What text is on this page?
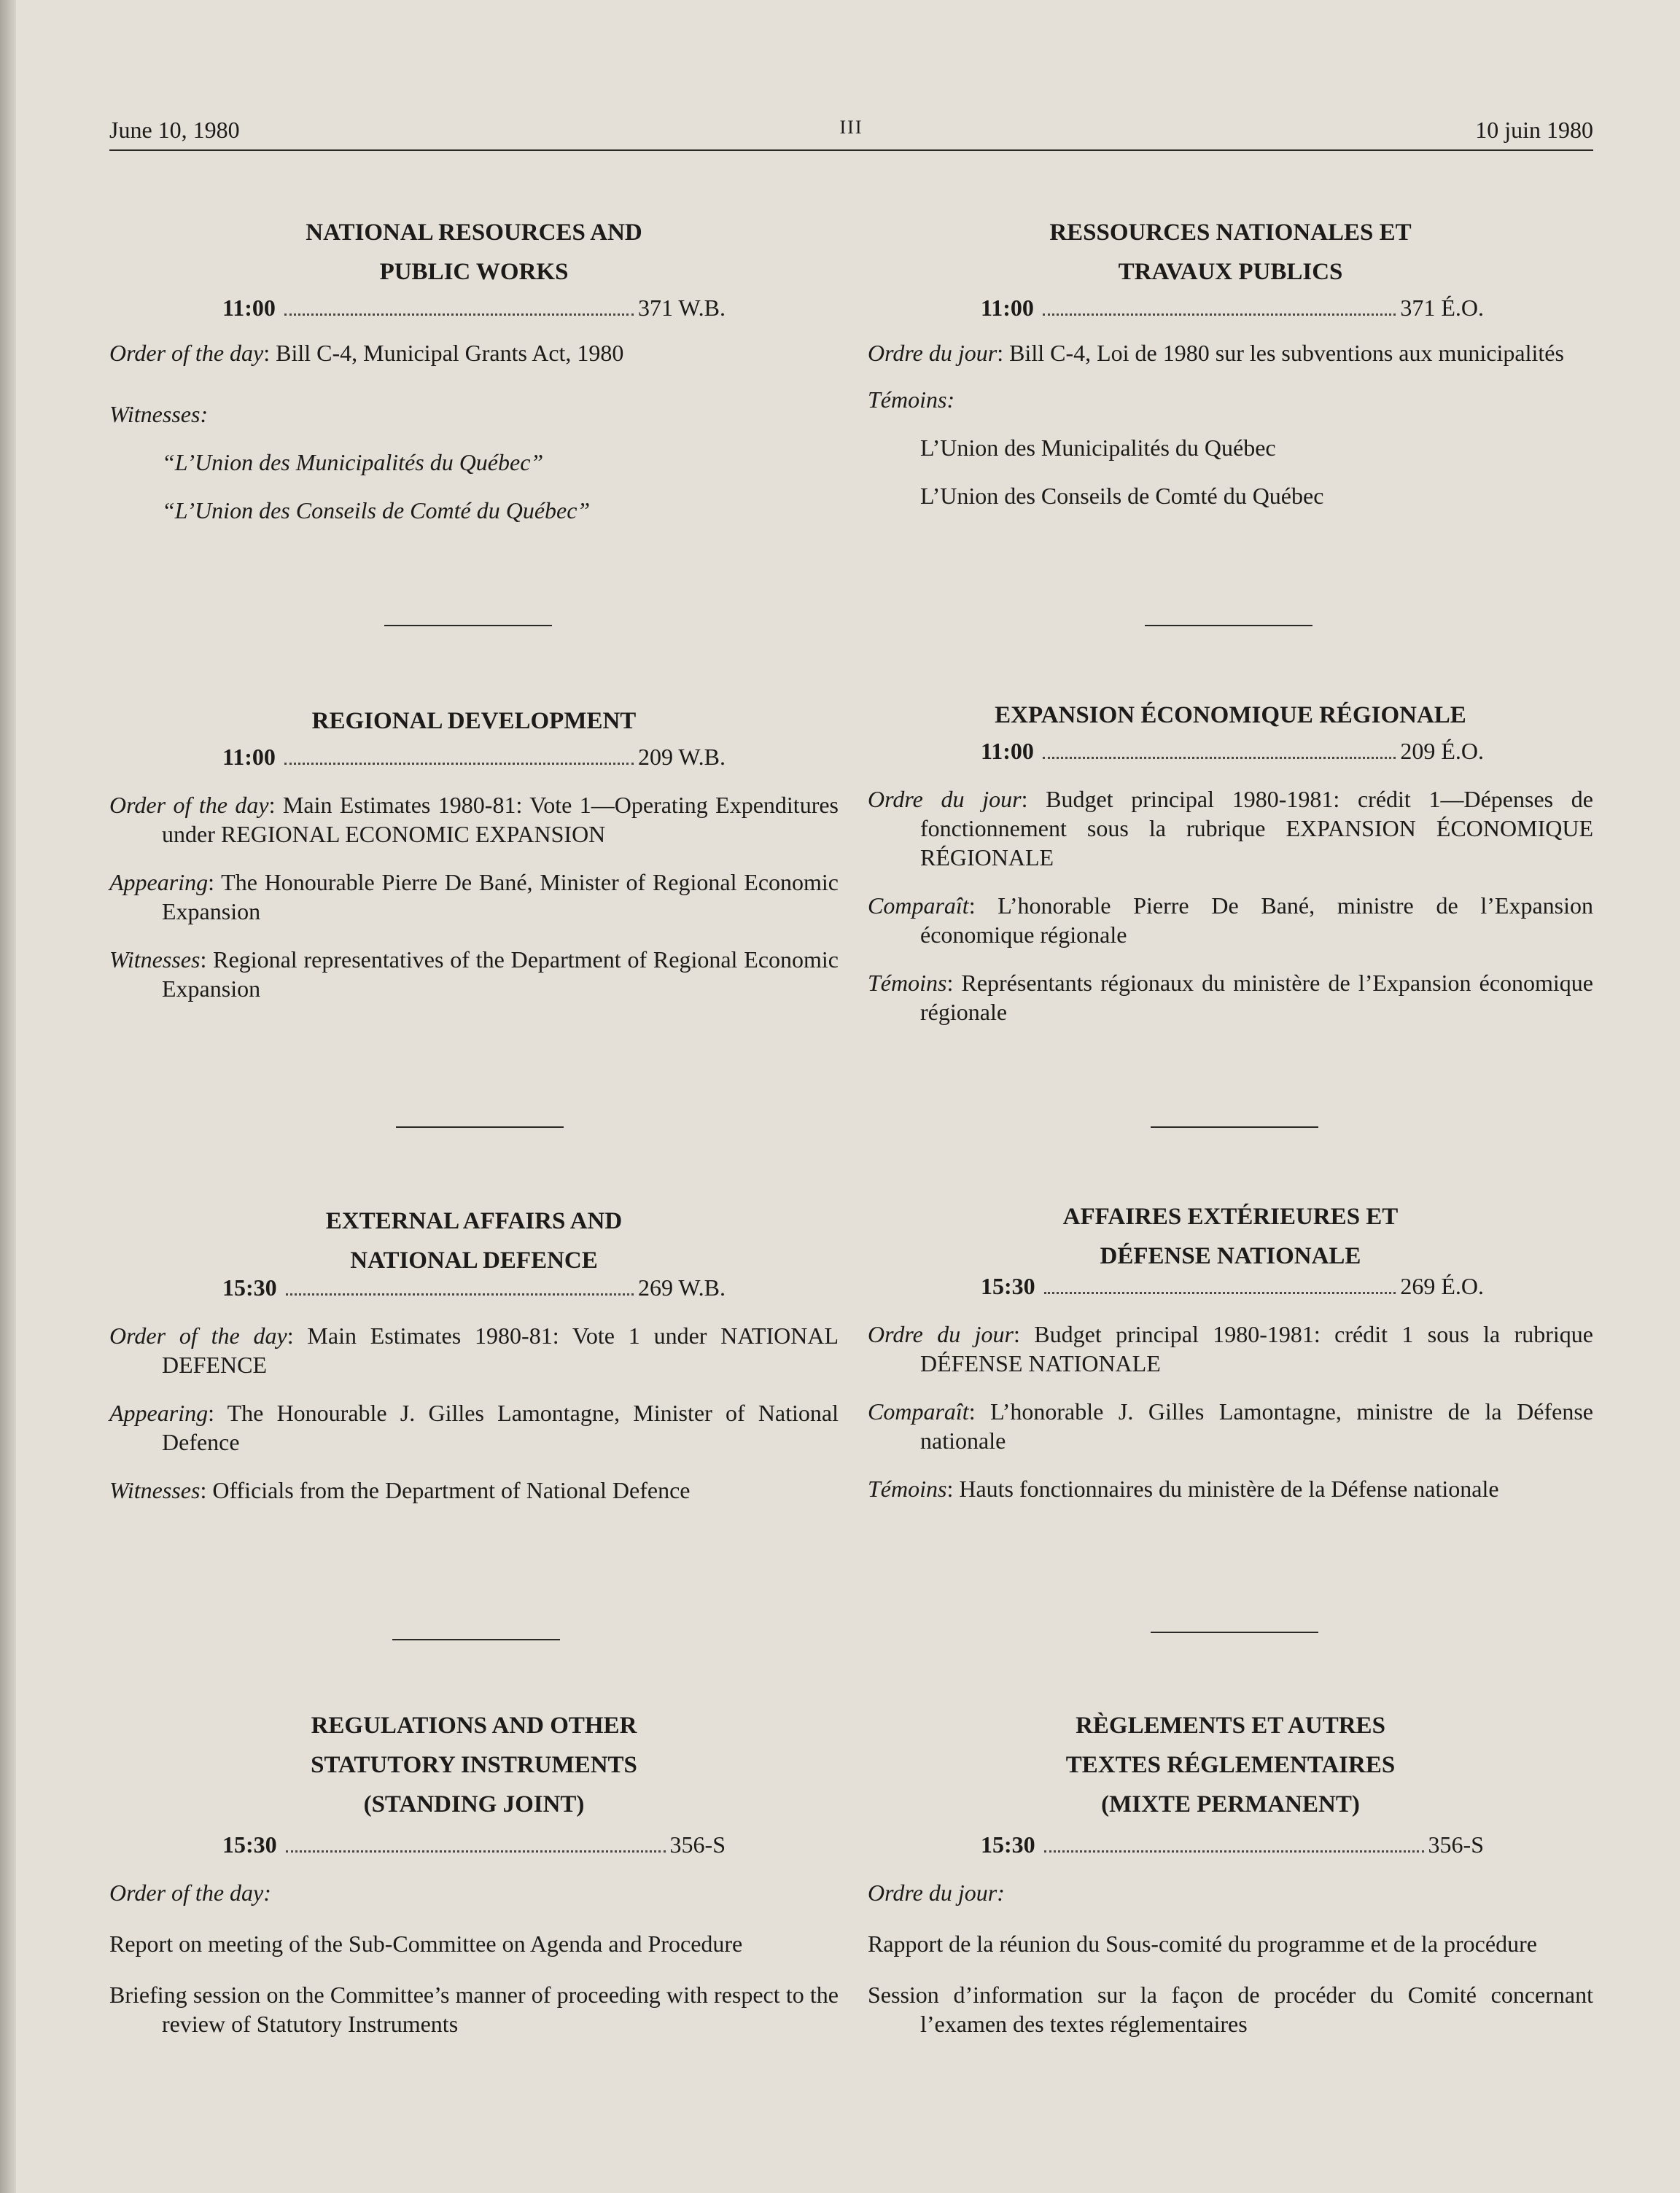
June 10, 1980	III	10 juin 1980
NATIONAL RESOURCES AND
PUBLIC WORKS
11:00	371 W.B.

Order of the day: Bill C-4, Municipal Grants Act, 1980

Witnesses:

“L’Union des Municipalités du Québec”

“L’Union des Conseils de Comté du Québec”

REGIONAL DEVELOPMENT
11:00	209 W.B.

Order of the day: Main Estimates 1980-81: Vote 1—Operating Expenditures under REGIONAL ECONOMIC EXPANSION

Appearing: The Honourable Pierre De Bané, Minister of Regional Economic Expansion

Witnesses: Regional representatives of the Department of Regional Economic Expansion

EXTERNAL AFFAIRS AND
NATIONAL DEFENCE
15:30	269 W.B.

Order of the day: Main Estimates 1980-81: Vote 1 under NATIONAL DEFENCE

Appearing: The Honourable J. Gilles Lamontagne, Minister of National Defence

Witnesses: Officials from the Department of National Defence

REGULATIONS AND OTHER
STATUTORY INSTRUMENTS
(STANDING JOINT)
15:30	356-S

Order of the day:

Report on meeting of the Sub-Committee on Agenda and Procedure

Briefing session on the Committee’s manner of proceeding with respect to the review of Statutory Instruments

RESSOURCES NATIONALES ET
TRAVAUX PUBLICS
11:00	371 É.O.

Ordre du jour: Bill C-4, Loi de 1980 sur les subventions aux municipalités

Témoins:

L’Union des Municipalités du Québec

L’Union des Conseils de Comté du Québec

EXPANSION ÉCONOMIQUE RÉGIONALE
11:00	209 É.O.

Ordre du jour: Budget principal 1980-1981: crédit 1—Dépenses de fonctionnement sous la rubrique EXPANSION ÉCONOMIQUE RÉGIONALE

Comparaît: L’honorable Pierre De Bané, ministre de l’Expansion économique régionale

Témoins: Représentants régionaux du ministère de l’Expansion économique régionale

AFFAIRES EXTÉRIEURES ET
DÉFENSE NATIONALE
15:30	269 É.O.

Ordre du jour: Budget principal 1980-1981: crédit 1 sous la rubrique DÉFENSE NATIONALE

Comparaît: L’honorable J. Gilles Lamontagne, ministre de la Défense nationale

Témoins: Hauts fonctionnaires du ministère de la Défense nationale

RÈGLEMENTS ET AUTRES
TEXTES RÉGLEMENTAIRES
(MIXTE PERMANENT)
15:30	356-S

Ordre du jour:

Rapport de la réunion du Sous-comité du programme et de la procédure

Session d’information sur la façon de procéder du Comité concernant l’examen des textes réglementaires
